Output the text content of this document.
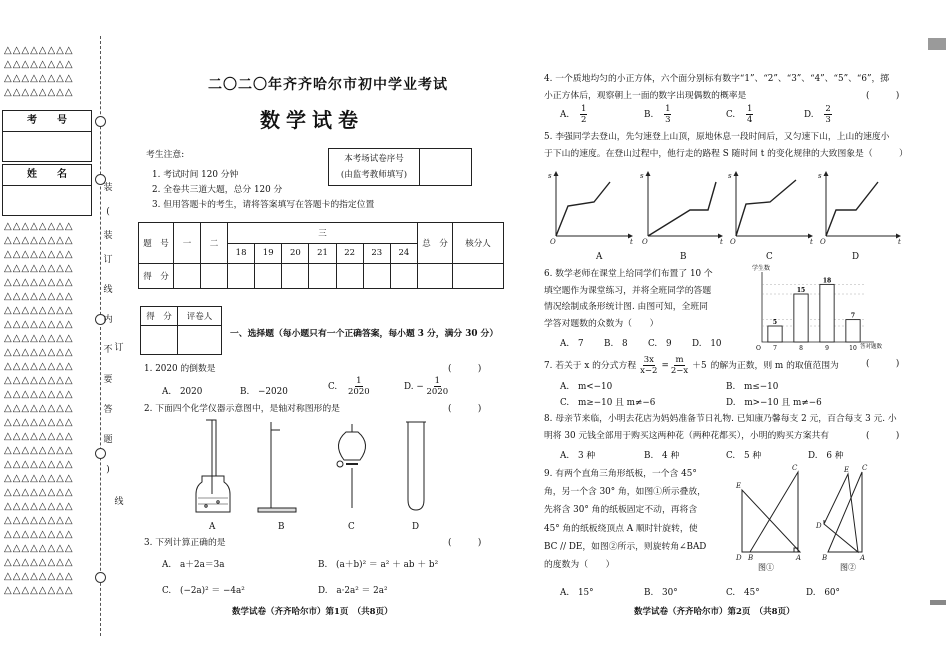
△△△△△△△△
△△△△△△△△
△△△△△△△△
△△△△△△△△
考　　号
姓　　名
△△△△△△△△
△△△△△△△△
△△△△△△△△
△△△△△△△△
△△△△△△△△
△△△△△△△△
△△△△△△△△
△△△△△△△△
△△△△△△△△
△△△△△△△△
△△△△△△△△
△△△△△△△△
△△△△△△△△
△△△△△△△△
△△△△△△△△
△△△△△△△△
△△△△△△△△
△△△△△△△△
△△△△△△△△
△△△△△△△△
△△△△△△△△
△△△△△△△△
△△△△△△△△
△△△△△△△△
△△△△△△△△
△△△△△△△△
△△△△△△△△
装
(
装
订
线
内
不
要
答
题
)
订
线
二〇二〇年齐齐哈尔市初中学业考试
数学试卷
考生注意:
1. 考试时间 120 分钟
2. 全卷共三道大题，总分 120 分
3. 但用答题卡的考生，请将答案填写在答题卡的指定位置
本考场试卷序号
(由监考教师填写)
题　号	一	二	三							总　分	核分人
			18	19	20	21	22	23	24		
得　分											
得　分	评卷人

一、选择题（每小题只有一个正确答案，每小题 3 分，满分 30 分）
1. 2020 的倒数是	(　　　)
A.　2020	B.　−2020	C. $\frac{1}{2020}$	D. − $\frac{1}{2020}$
2. 下面四个化学仪器示意图中，是轴对称图形的是	(　　　)
A	B	C	D
3. 下列计算正确的是	(　　　)
A.　a＋2a＝3a	B.　(a＋b)² ＝ a² ＋ ab ＋ b²
C.　(−2a)² ＝ −4a²	D.　a·2a² ＝ 2a²
数学试卷（齐齐哈尔市）第1页　（共8页）
4. 一个质地均匀的小正方体，六个面分别标有数字“1”、“2”、“3”、“4”、“5”、“6”，掷
小正方体后，观察朝上一面的数字出现偶数的概率是	(　　　)
A. $\frac{1}{2}$	B. $\frac{1}{3}$	C. $\frac{1}{4}$	D. $\frac{2}{3}$
5. 李强同学去登山，先匀速登上山顶，原地休息一段时间后，又匀速下山，上山的速度小
于下山的速度。在登山过程中，他行走的路程 S 随时间 t 的变化规律的大致图象是（　　　）
s
O	t
s
O	t
s
O	t
s
O	t
A	B	C	D
6. 数学老师在课堂上给同学们布置了 10 个
填空题作为课堂练习，并将全班同学的答题
情况绘制成条形统计图. 由图可知，全班同
学答对题数的众数为（　　）
A.　7 B.　8 C.　9 D.　10
学生数
答对题数
O
5
7
15
8
18
9
7
10
7. 若关于 x 的分式方程 $\frac{3x}{x-2} = \frac{m}{2-x} +5$ 的解为正数，则 m 的取值范围为	(　　　)
A.　m<−10	B.　m≤−10
C.　m≥−10 且 m≠−6	D.　m>−10 且 m≠−6
8. 母亲节来临，小明去花店为妈妈准备节日礼物. 已知康乃馨每支 2 元，百合每支 3 元. 小
明将 30 元钱全部用于购买这两种花（两种花都买），小明的购买方案共有	(　　　)
A.　3 种	B.　4 种	C.　5 种	D.　6 种
9. 有两个直角三角形纸板，一个含 45°
角，另一个含 30° 角，如图①所示叠放，
先将含 30° 角的纸板固定不动，再将含
45° 角的纸板绕顶点 A 顺时针旋转，使
BC // DE，如图②所示，则旋转角∠BAD
的度数为（　　）
E
C
D B	A
E C
D
B	A
图①	图②
A.　15°	B.　30°	C.　45°	D.　60°
数学试卷（齐齐哈尔市）第2页　（共8页）
